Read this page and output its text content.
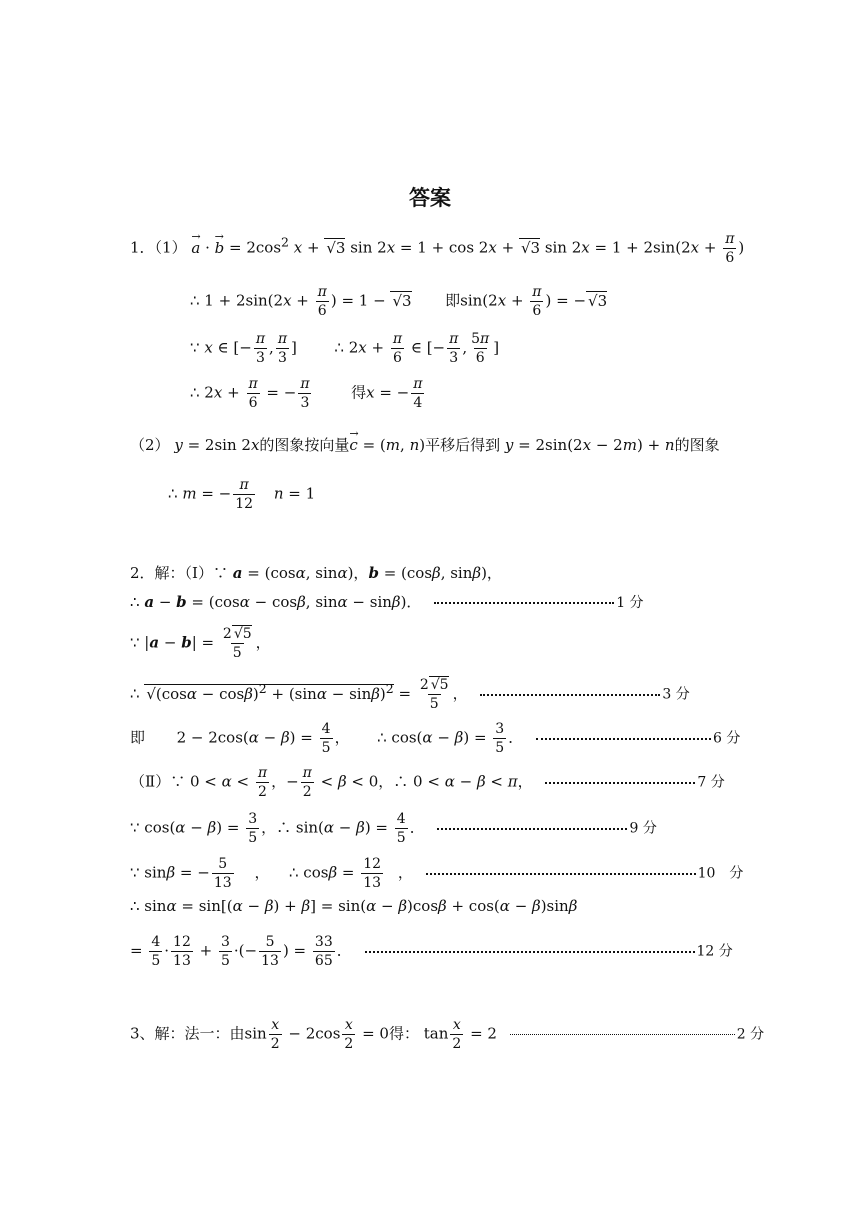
答案
1．（1） → a · → $b = 2\cos^2$ x + √3 sin 2x = 1 + cos 2x + √3 $\sin 2x = 1 + 2\sin(2x + \frac{\pi}{6}$ )
∴ $1 + 2\sin(2x + \frac{\pi}{6}$ ) = 1 − √3 即$\sin(2x + \frac{\pi}{6}$ ) = − √3
∵ x ∈ [− $\frac{\pi}{3}$ , $\frac{\pi}{3}$ ]  ∴ $2x + \frac{\pi}{6}$ ∈ [− $\frac{\pi}{3}$ , $\frac{5\pi}{6}$ ]
∴ $2x + \frac{\pi}{6}$ = − $\frac{\pi}{3}$	得x = − $\frac{\pi}{4}$
（2） y = 2sin 2x的图象按向量→ c = (m, n)平移后得到 y = 2sin(2x − 2m) + n的图象
∴ m = − $\frac{\pi}{12}$ n = 1
2．解：（Ⅰ）∵ a = (cosα, sinα)，b = (cosβ, sinβ)，
∴ a − b = (cosα − cosβ, sinα − sinβ)．	1 分
∵ $|a - b| = \frac{2 √5}{5}$ ，
∴ $√(\cos\alpha - \cos\beta)^2 + (\sin\alpha - \sin\beta)^2 = \frac{2 √5}{5}$ ，	3 分
即  $2 - 2\cos(\alpha - \beta) = \frac{4}{5}$ ，  ∴ $\cos(\alpha - \beta) = \frac{3}{5}$ ．	6 分
（Ⅱ）∵ $0 < \alpha < \frac{\pi}{2}$ ，− $\frac{\pi}{2} < \beta < 0$，∴ 0 < α − β < π，	7 分
∵ $\cos(\alpha - \beta) = \frac{3}{5}$ ，∴ $\sin(\alpha - \beta) = \frac{4}{5}$ ．	9 分
∵ sinβ = − $\frac{5}{13}$ ，  ∴ $\cos\beta = \frac{12}{13}$ ，	10　分
∴ sinα = sin[(α − β) + β] = sin(α − β)cosβ + cos(α − β)sinβ
= $\frac{4}{5} \cdot \frac{12}{13} + \frac{3}{5}$ ·(− $\frac{5}{13}$ ) = $\frac{33}{65}$ ．	12 分
3、解：法一：由$\sin \frac{x}{2} - 2\cos \frac{x}{2} = 0$得： $\tan \frac{x}{2} = 2$	2 分
